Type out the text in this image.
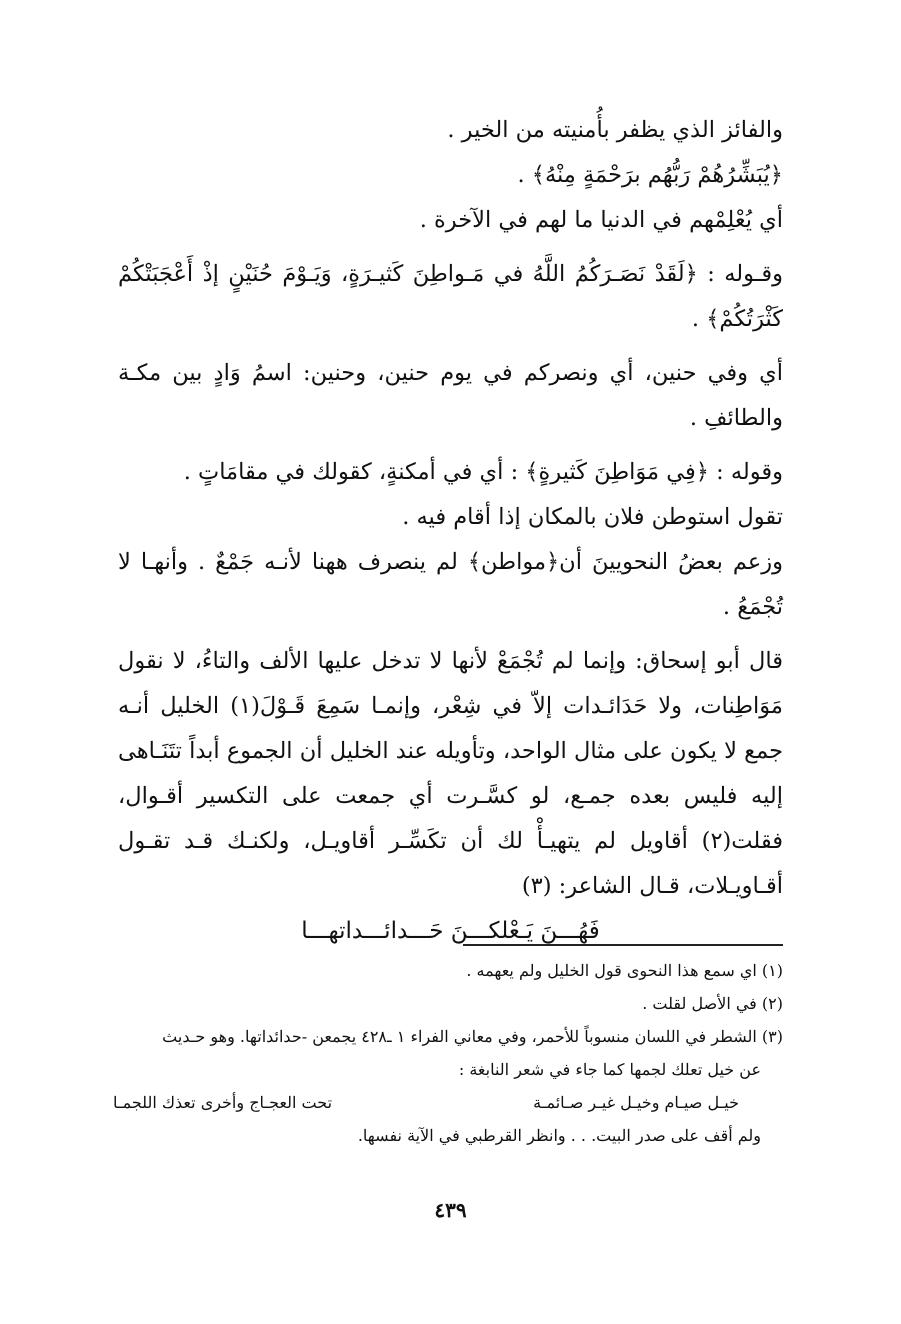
والفائز الذي يظفر بأُمنيته من الخير .

﴿يُبَشِّرُهُمْ رَبُّهُم برَحْمَةٍ مِنْهُ﴾ .

أي يُعْلِمْهم في الدنيا ما لهم في الآخرة .

وقـوله : ﴿لَقَدْ نَصَـرَكُمُ اللَّهُ في مَـواطِنَ كَثيـرَةٍ، وَيَـوْمَ حُنَيْنٍ إذْ أَعْجَبَتْكُمْ كَثْرَتُكُمْ﴾ .

أي وفي حنين، أي ونصركم في يوم حنين، وحنين: اسمُ وَادٍ بين مكـة والطائفِ .

وقوله : ﴿فِي مَوَاطِنَ كَثيرةٍ﴾ : أي في أمكنةٍ، كقولك في مقامَاتٍ .

تقول استوطن فلان بالمكان إذا أقام فيه .

وزعم بعضُ النحويينَ أن﴿مواطن﴾ لم ينصرف ههنا لأنـه جَمْعٌ . وأنهـا لا تُجْمَعُ .

قال أبو إسحاق: وإنما لم تُجْمَعْ لأنها لا تدخل عليها الألف والتاءُ، لا نقول مَوَاطِنات، ولا حَدَائـدات إلاّ في شِعْر، وإنمـا سَمِعَ قَـوْلَ(١) الخليل أنـه جمع لا يكون على مثال الواحد، وتأويله عند الخليل أن الجموع أبداً تتَنَـاهى إليه فليس بعده جمـع، لو كسَّـرت أي جمعت على التكسير أقـوال، فقلت(٢) أقاويل لم يتهيـأْ لك أن تكَسِّـر أقاويـل، ولكنـك قـد تقـول أقـاويـلات، قـال الشاعر: (٣)

فَهُـــنَ يَـعْلكـــنَ حَـــدائـــداتهـــا

(١) اي سمع هذا النحوى قول الخليل ولم يعهمه .

(٢) في الأصل لقلت .

(٣) الشطر في اللسان منسوباً للأحمر، وفي معاني الفراء ١ ـ٤٢٨ يجمعن -حدائداتها. وهو حـديث

عن خيل تعلك لجمها كما جاء في شعر النابغة :

خيـل صيـام وخيـل غيـر صـائمـة
تحت العجـاج وأخرى تعذك اللجمـا

ولم أقف على صدر البيت. . . وانظر القرطبي في الآية نفسها.

٤٣٩
